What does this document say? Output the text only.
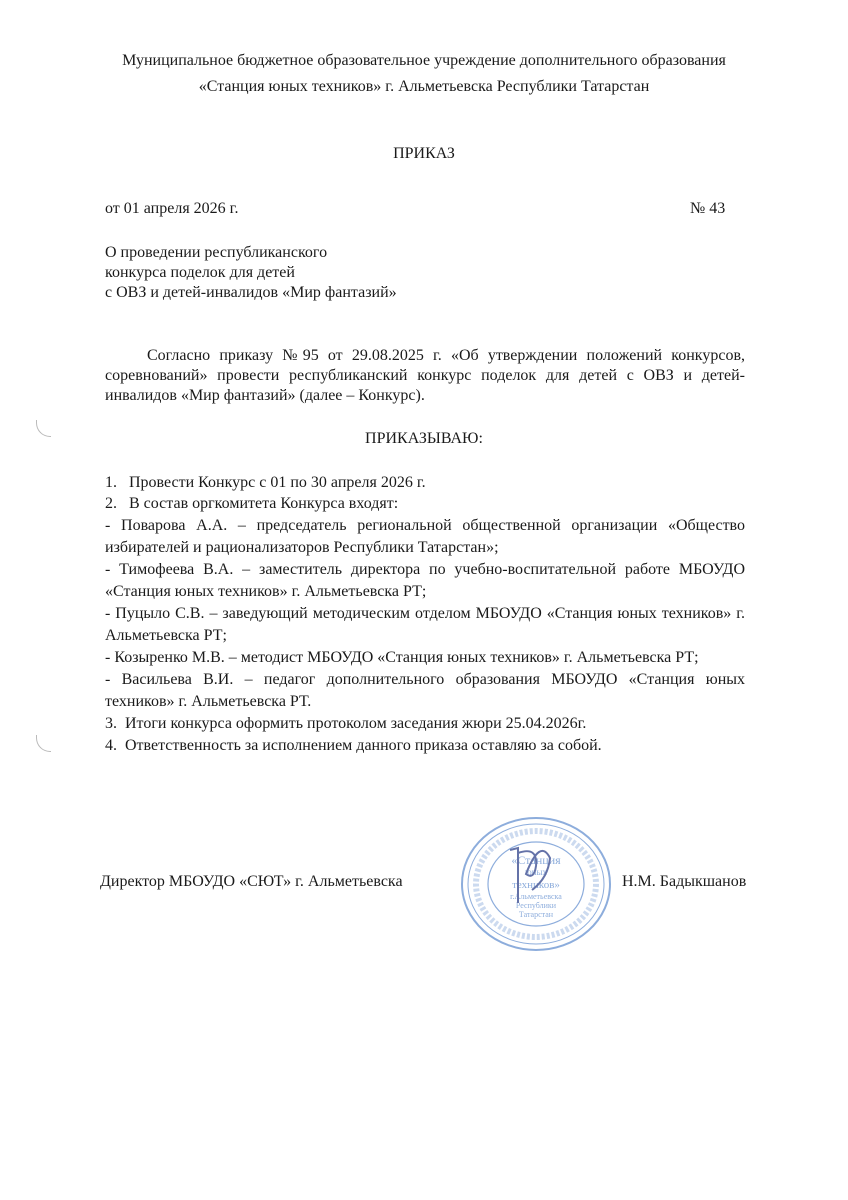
Муниципальное бюджетное образовательное учреждение дополнительного образования
«Станция юных техников» г. Альметьевска Республики Татарстан
ПРИКАЗ
от 01 апреля 2026 г.	№ 43
О проведении республиканского
конкурса поделок для детей
с ОВЗ и детей-инвалидов «Мир фантазий»
Согласно приказу №95 от 29.08.2025 г. «Об утверждении положений конкурсов, соревнований» провести республиканский конкурс поделок для детей с ОВЗ и детей-инвалидов «Мир фантазий» (далее – Конкурс).
ПРИКАЗЫВАЮ:
1.   Провести Конкурс с 01 по 30 апреля 2026 г.
2.   В состав оргкомитета Конкурса входят:
- Поварова А.А. – председатель региональной общественной организации «Общество избирателей и рационализаторов Республики Татарстан»;
- Тимофеева В.А. – заместитель директора по учебно-воспитательной работе МБОУДО «Станция юных техников» г. Альметьевска РТ;
- Пуцыло С.В. – заведующий методическим отделом МБОУДО «Станция юных техников» г. Альметьевска РТ;
- Козыренко М.В. – методист МБОУДО «Станция юных техников» г. Альметьевска РТ;
- Васильева В.И. – педагог дополнительного образования МБОУДО «Станция юных техников» г. Альметьевска РТ.
3.  Итоги конкурса оформить протоколом заседания жюри 25.04.2026г.
4.  Ответственность за исполнением данного приказа оставляю за собой.
Директор МБОУДО «СЮТ» г. Альметьевска	Н.М. Бадыкшанов
«Станция
юных
техников»
г.Альметьевска
Республики
Татарстан
